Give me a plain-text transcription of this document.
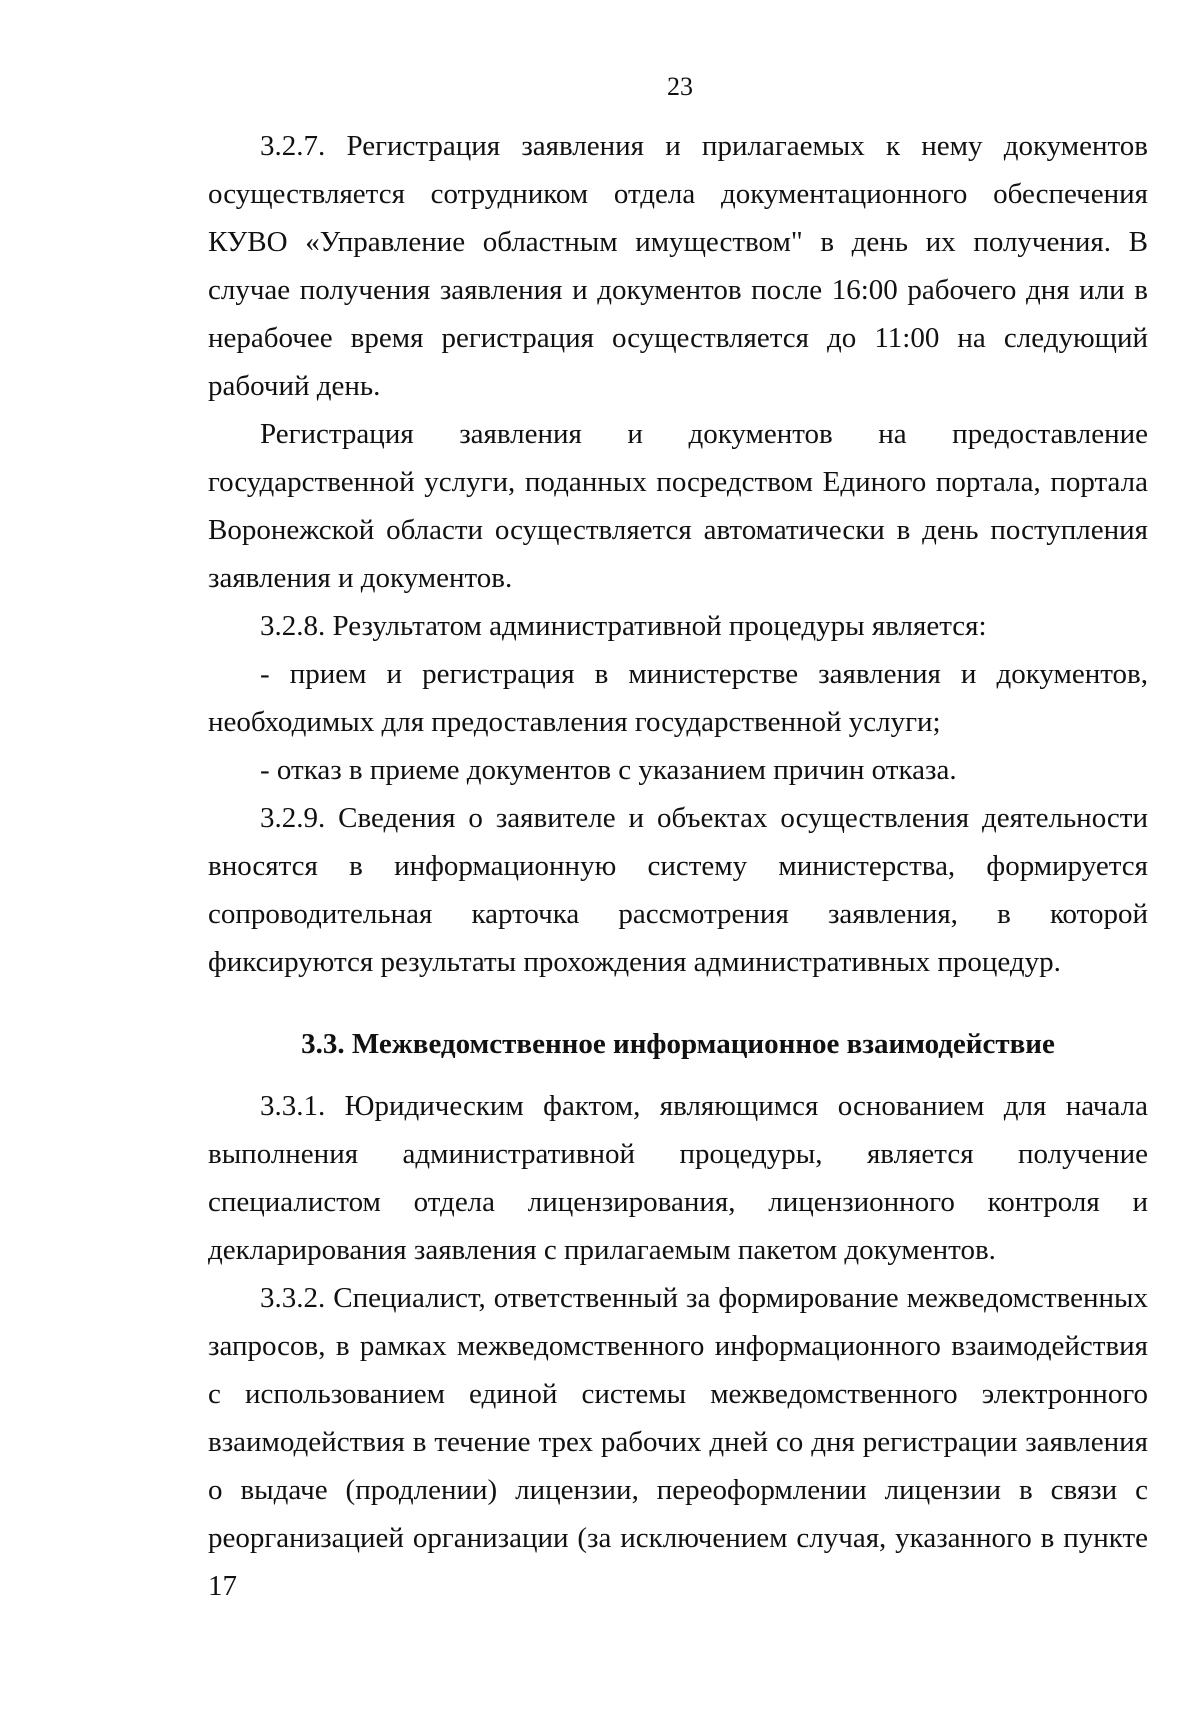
23

3.2.7. Регистрация заявления и прилагаемых к нему документов осуществляется сотрудником отдела документационного обеспечения КУВО «Управление областным имуществом" в день их получения. В случае получения заявления и документов после 16:00 рабочего дня или в нерабочее время регистрация осуществляется до 11:00 на следующий рабочий день.

Регистрация заявления и документов на предоставление государственной услуги, поданных посредством Единого портала, портала Воронежской области осуществляется автоматически в день поступления заявления и документов.

3.2.8. Результатом административной процедуры является:

- прием и регистрация в министерстве заявления и документов, необходимых для предоставления государственной услуги;

- отказ в приеме документов с указанием причин отказа.

3.2.9. Сведения о заявителе и объектах осуществления деятельности вносятся в информационную систему министерства, формируется сопроводительная карточка рассмотрения заявления, в которой фиксируются результаты прохождения административных процедур.

3.3. Межведомственное информационное взаимодействие

3.3.1. Юридическим фактом, являющимся основанием для начала выполнения административной процедуры, является получение специалистом отдела лицензирования, лицензионного контроля и декларирования заявления с прилагаемым пакетом документов.

3.3.2. Специалист, ответственный за формирование межведомственных запросов, в рамках межведомственного информационного взаимодействия с использованием единой системы межведомственного электронного взаимодействия в течение трех рабочих дней со дня регистрации заявления о выдаче (продлении) лицензии, переоформлении лицензии в связи с реорганизацией организации (за исключением случая, указанного в пункте 17
